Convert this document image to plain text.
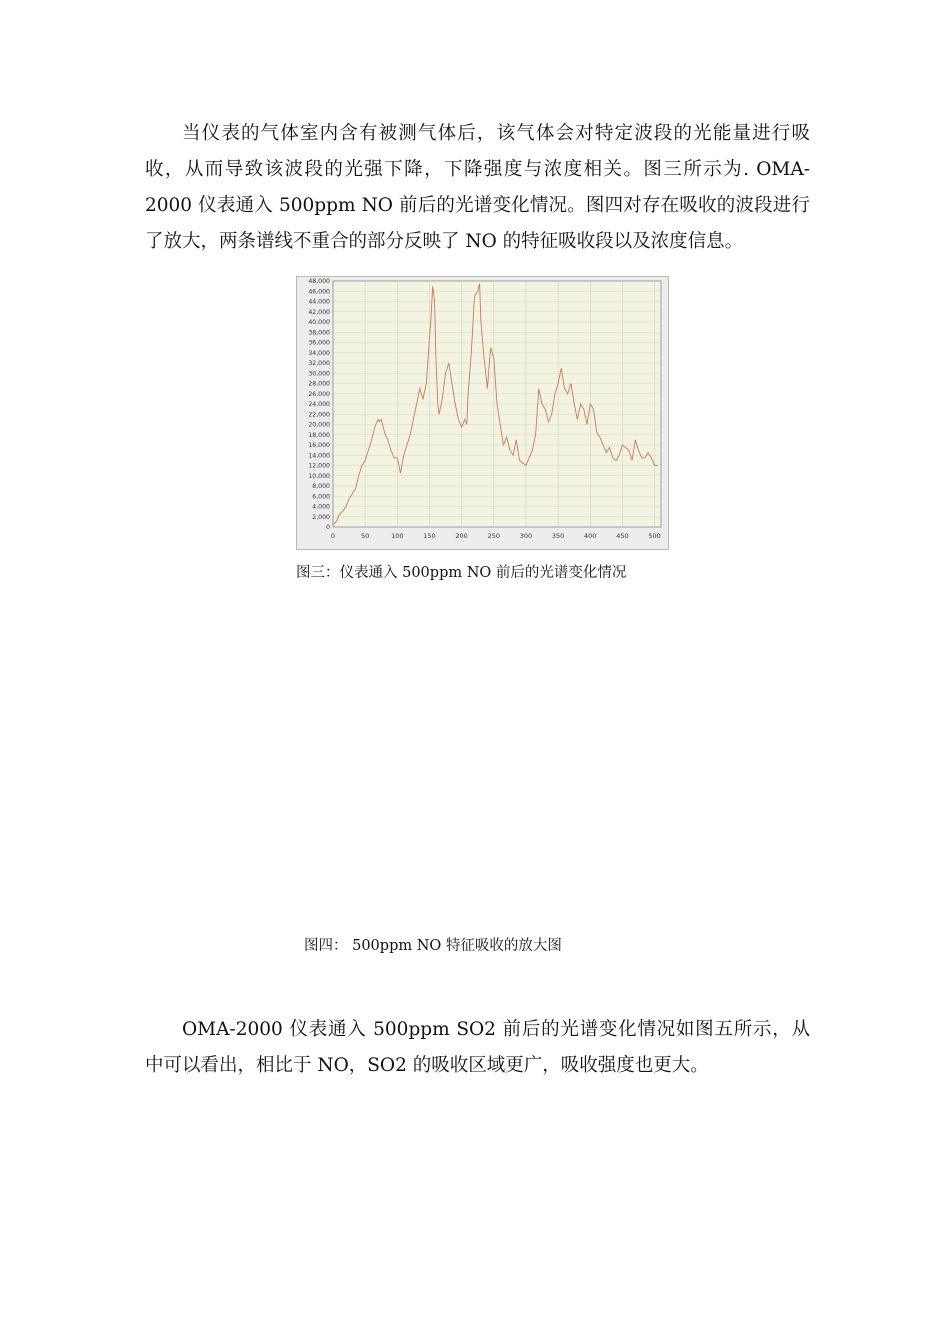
当仪表的气体室内含有被测气体后，该气体会对特定波段的光能量进行吸收，从而导致该波段的光强下降，下降强度与浓度相关。图三所示为. OMA-2000 仪表通入 500ppm NO 前后的光谱变化情况。图四对存在吸收的波段进行了放大，两条谱线不重合的部分反映了 NO 的特征吸收段以及浓度信息。

0
2,000
4,000
6,000
8,000
10,000
12,000
14,000
16,000
18,000
20,000
22,000
24,000
26,000
28,000
30,000
32,000
34,000
36,000
38,000
40,000
42,000
44,000
46,000
48,000
0	50	100	150	200	250	300	350	400	450	500

图三：仪表通入 500ppm NO 前后的光谱变化情况

图四： 500ppm NO 特征吸收的放大图

OMA-2000 仪表通入 500ppm SO2 前后的光谱变化情况如图五所示，从中可以看出，相比于 NO，SO2 的吸收区域更广，吸收强度也更大。
